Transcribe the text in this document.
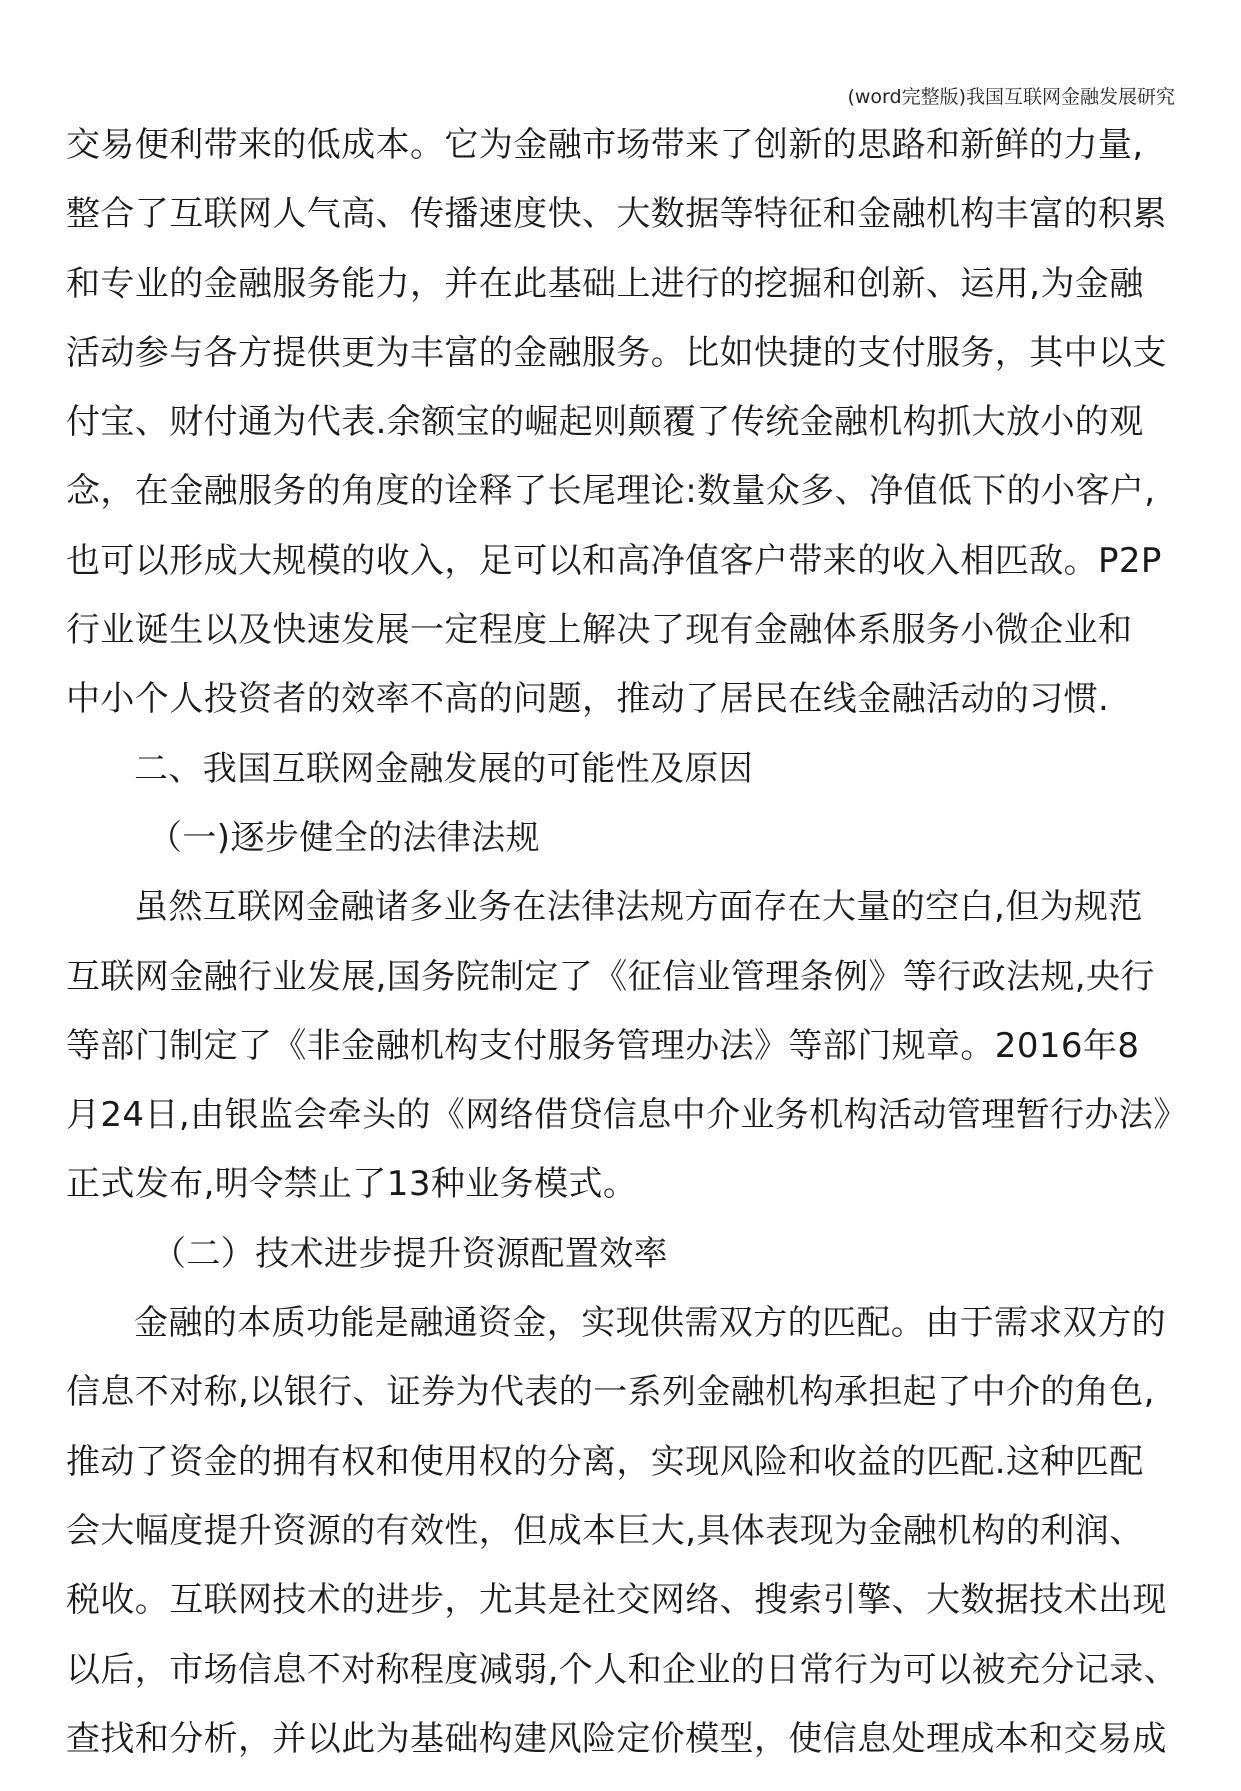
(word完整版)我国互联网金融发展研究
交易便利带来的低成本。它为金融市场带来了创新的思路和新鲜的力量,
整合了互联网人气高、传播速度快、大数据等特征和金融机构丰富的积累
和专业的金融服务能力，并在此基础上进行的挖掘和创新、运用,为金融
活动参与各方提供更为丰富的金融服务。比如快捷的支付服务，其中以支
付宝、财付通为代表.余额宝的崛起则颠覆了传统金融机构抓大放小的观
念，在金融服务的角度的诠释了长尾理论:数量众多、净值低下的小客户,
也可以形成大规模的收入，足可以和高净值客户带来的收入相匹敌。P2P
行业诞生以及快速发展一定程度上解决了现有金融体系服务小微企业和
中小个人投资者的效率不高的问题，推动了居民在线金融活动的习惯.
二、我国互联网金融发展的可能性及原因
（一)逐步健全的法律法规
虽然互联网金融诸多业务在法律法规方面存在大量的空白,但为规范
互联网金融行业发展,国务院制定了《征信业管理条例》等行政法规,央行
等部门制定了《非金融机构支付服务管理办法》等部门规章。2016年8
月24日,由银监会牵头的《网络借贷信息中介业务机构活动管理暂行办法》
正式发布,明令禁止了13种业务模式。
（二）技术进步提升资源配置效率
金融的本质功能是融通资金，实现供需双方的匹配。由于需求双方的
信息不对称,以银行、证券为代表的一系列金融机构承担起了中介的角色,
推动了资金的拥有权和使用权的分离，实现风险和收益的匹配.这种匹配
会大幅度提升资源的有效性，但成本巨大,具体表现为金融机构的利润、
税收。互联网技术的进步，尤其是社交网络、搜索引擎、大数据技术出现
以后，市场信息不对称程度减弱,个人和企业的日常行为可以被充分记录、
查找和分析，并以此为基础构建风险定价模型，使信息处理成本和交易成
